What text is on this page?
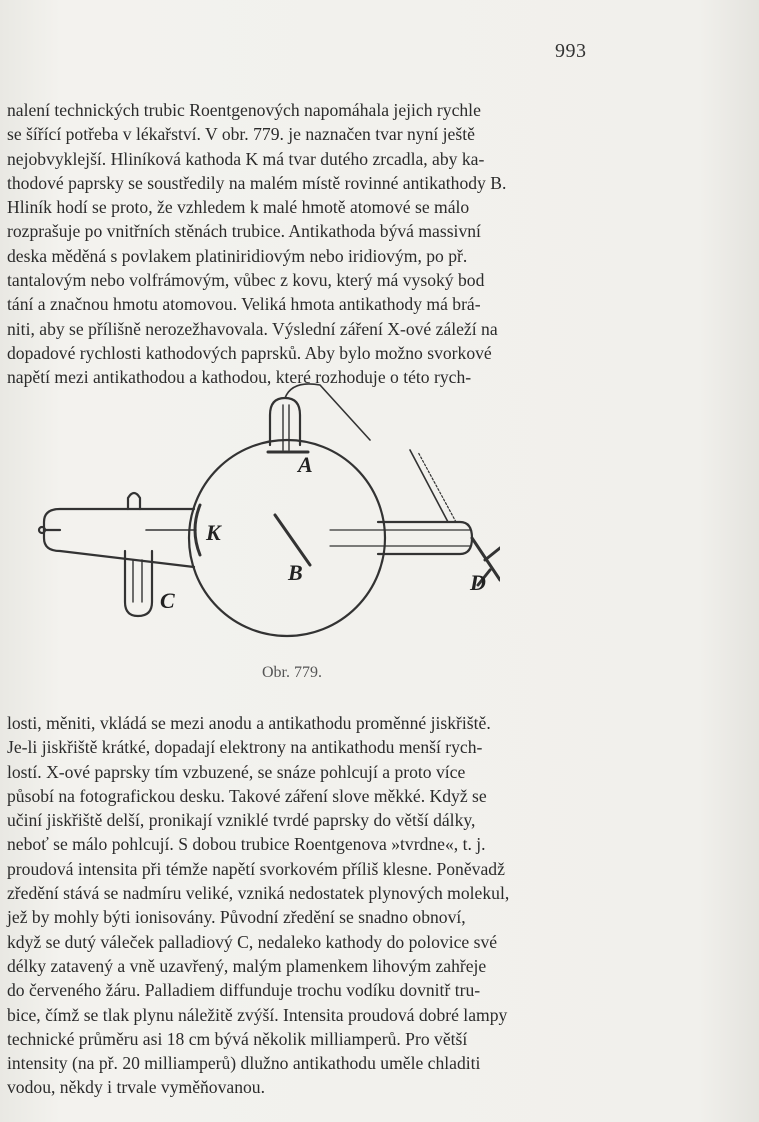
993
nalení technických trubic Roentgenových napomáhala jejich rychle
se šířící potřeba v lékařství. V obr. 779. je naznačen tvar nyní ještě
nejobvyklejší. Hliníková kathoda K má tvar dutého zrcadla, aby ka-
thodové paprsky se soustředily na malém místě rovinné antikathody B.
Hliník hodí se proto, že vzhledem k malé hmotě atomové se málo
rozprašuje po vnitřních stěnách trubice. Antikathoda bývá massivní
deska měděná s povlakem platiniridiovým nebo iridiovým, po př.
tantalovým nebo volfrámovým, vůbec z kovu, který má vysoký bod
tání a značnou hmotu atomovou. Veliká hmota antikathody má brá-
niti, aby se přílišně nerozežhavovala. Výslední záření X-ové záleží na
dopadové rychlosti kathodových paprsků. Aby bylo možno svorkové
napětí mezi antikathodou a kathodou, které rozhoduje o této rych-
A
K
B
C
D
Obr. 779.
losti, měniti, vkládá se mezi anodu a antikathodu proměnné jiskřiště.
Je-li jiskřiště krátké, dopadají elektrony na antikathodu menší rych-
lostí. X-ové paprsky tím vzbuzené, se snáze pohlcují a proto více
působí na fotografickou desku. Takové záření slove měkké. Když se
učiní jiskřiště delší, pronikají vzniklé tvrdé paprsky do větší dálky,
neboť se málo pohlcují. S dobou trubice Roentgenova »tvrdne«, t. j.
proudová intensita při témže napětí svorkovém příliš klesne. Poněvadž
zředění stává se nadmíru veliké, vzniká nedostatek plynových molekul,
jež by mohly býti ionisovány. Původní zředění se snadno obnoví,
když se dutý váleček palladiový C, nedaleko kathody do polovice své
délky zatavený a vně uzavřený, malým plamenkem lihovým zahřeje
do červeného žáru. Palladiem diffunduje trochu vodíku dovnitř tru-
bice, čímž se tlak plynu náležitě zvýší. Intensita proudová dobré lampy
technické průměru asi 18 cm bývá několik milliamperů. Pro větší
intensity (na př. 20 milliamperů) dlužno antikathodu uměle chladiti
vodou, někdy i trvale vyměňovanou.
